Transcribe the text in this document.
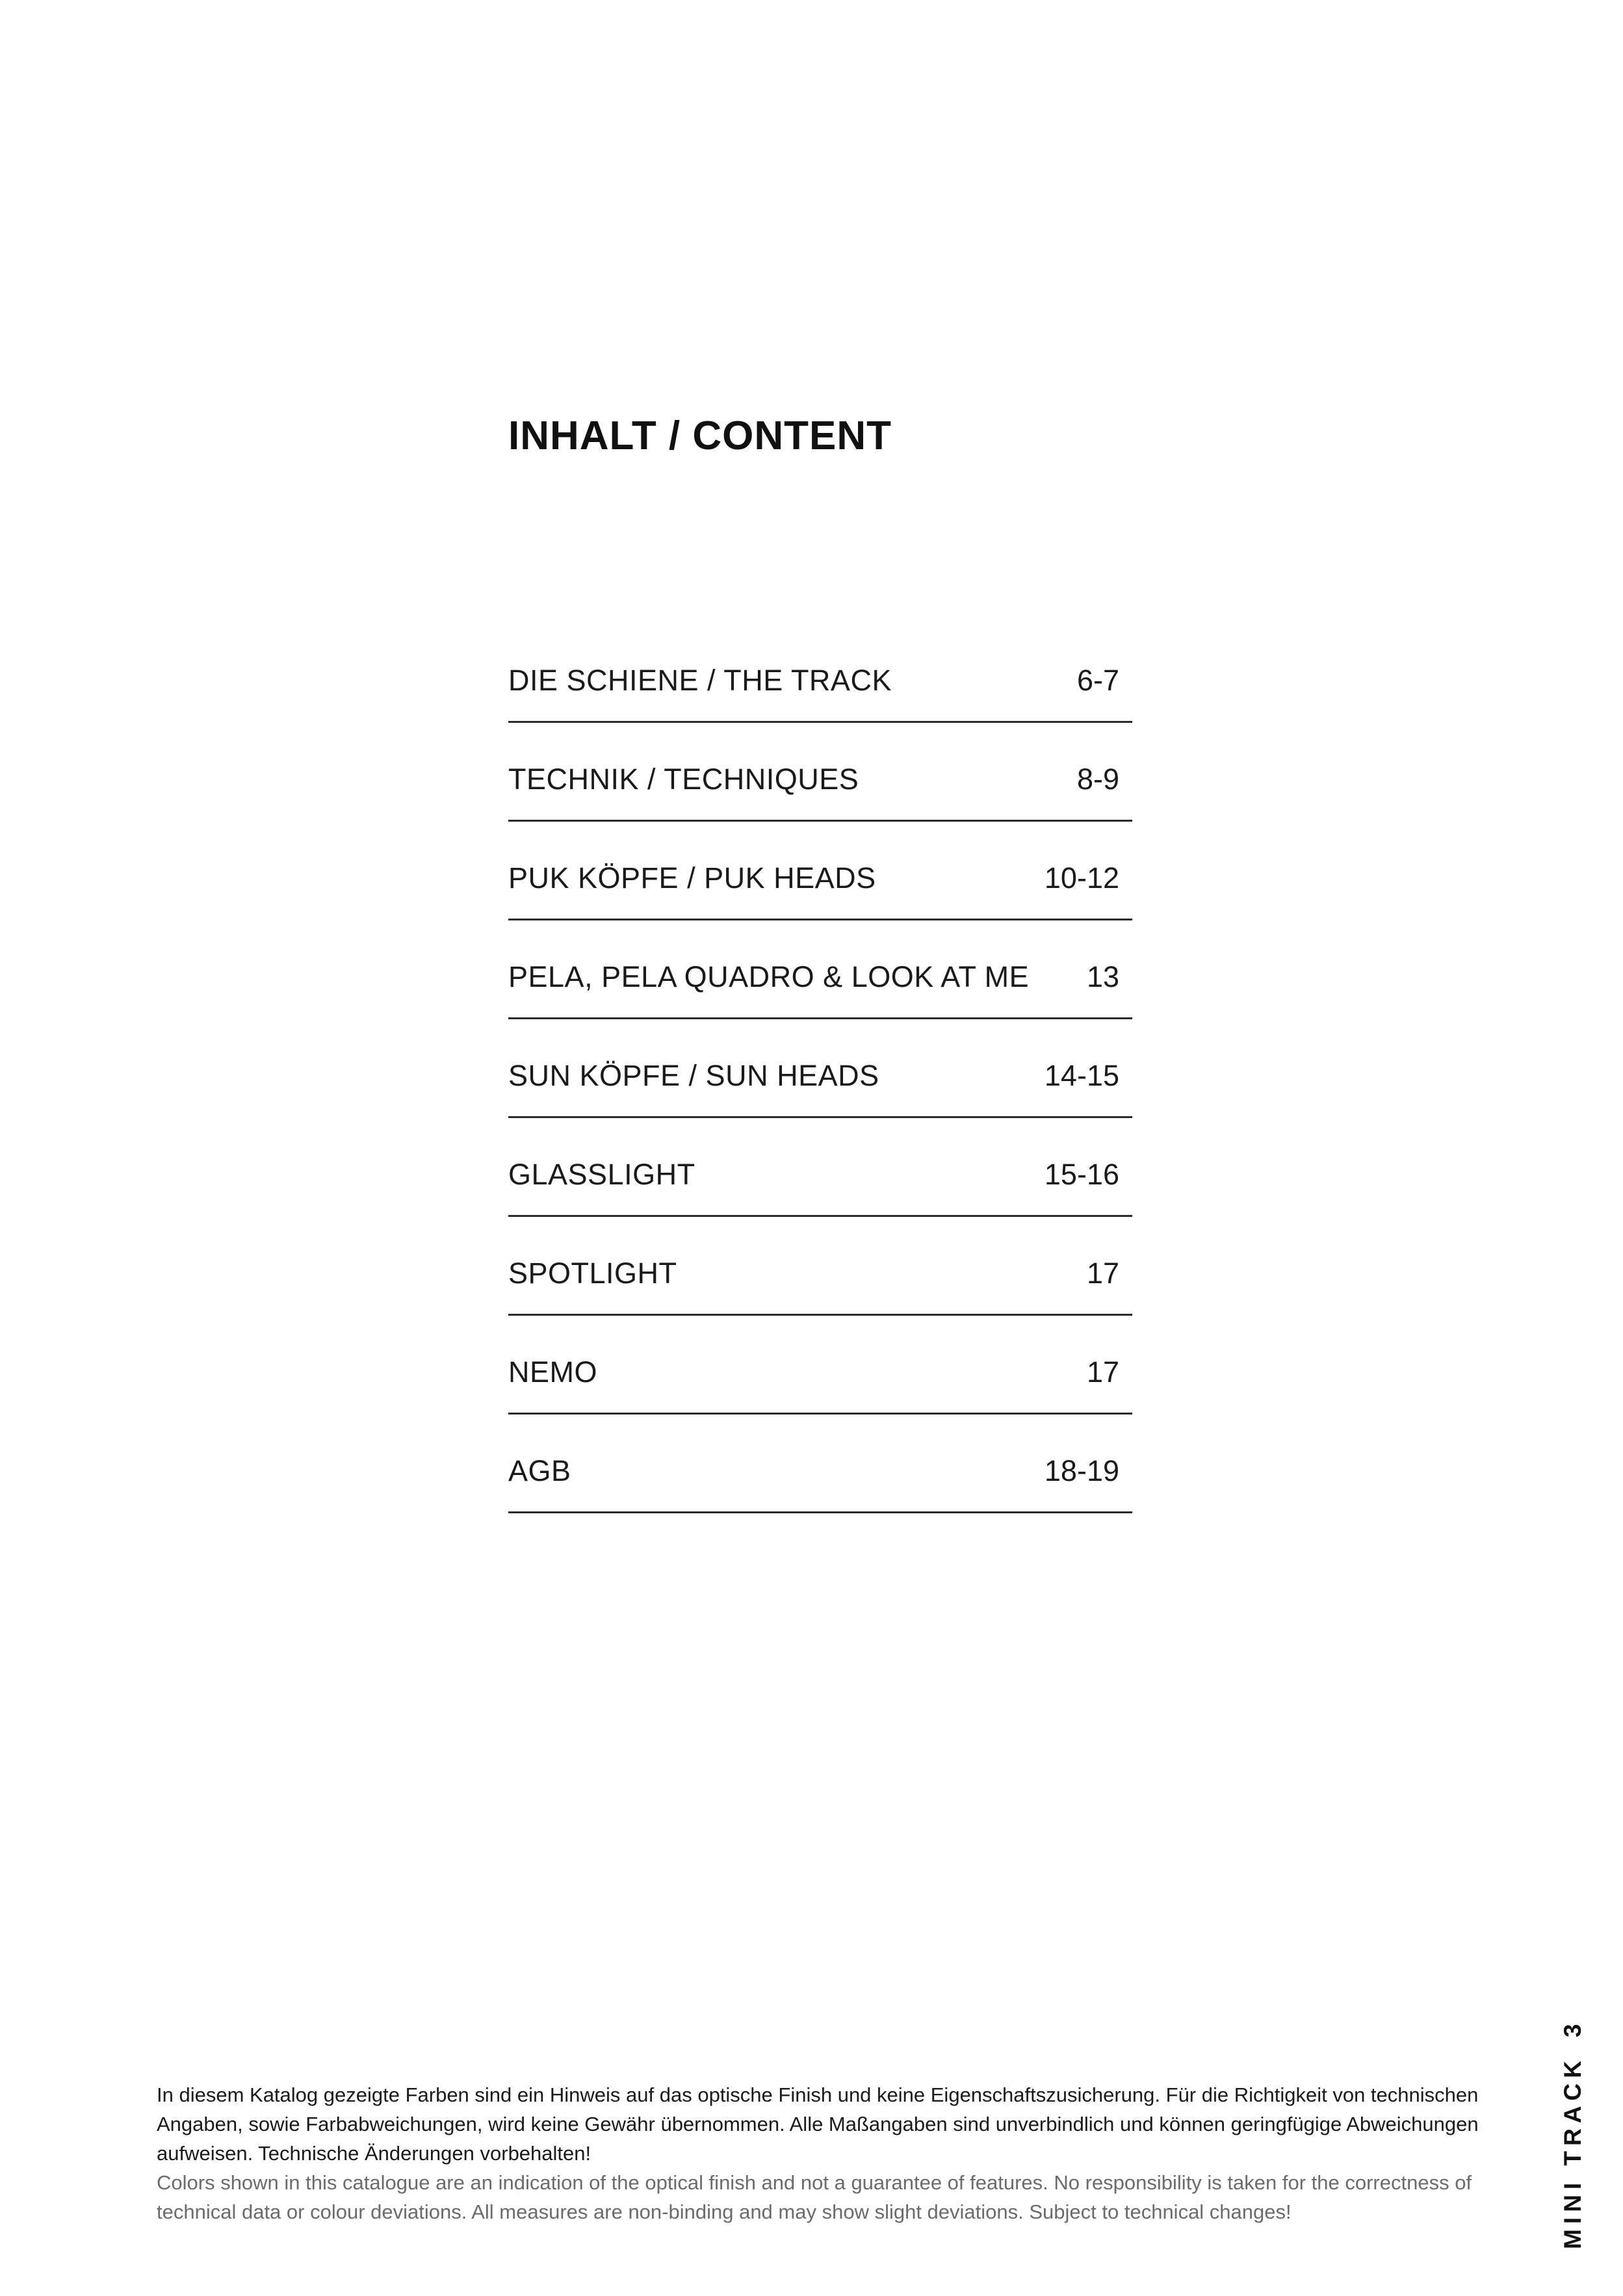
INHALT / CONTENT
DIE SCHIENE / THE TRACK	6-7
TECHNIK / TECHNIQUES	8-9
PUK KÖPFE / PUK HEADS	10-12
PELA, PELA QUADRO & LOOK AT ME 13
SUN KÖPFE / SUN HEADS	14-15
GLASSLIGHT	15-16
SPOTLIGHT	17
NEMO	17
AGB	18-19

In diesem Katalog gezeigte Farben sind ein Hinweis auf das optische Finish und keine Eigenschaftszusicherung. Für die Richtigkeit von technischen Angaben, sowie Farbabweichungen, wird keine Gewähr übernommen. Alle Maßangaben sind unverbindlich und können geringfügige Abweichungen aufweisen. Technische Änderungen vorbehalten!

Colors shown in this catalogue are an indication of the optical finish and not a guarantee of features. No responsibility is taken for the correctness of technical data or colour deviations. All measures are non-binding and may show slight deviations. Subject to technical changes!	MINI TRACK3
